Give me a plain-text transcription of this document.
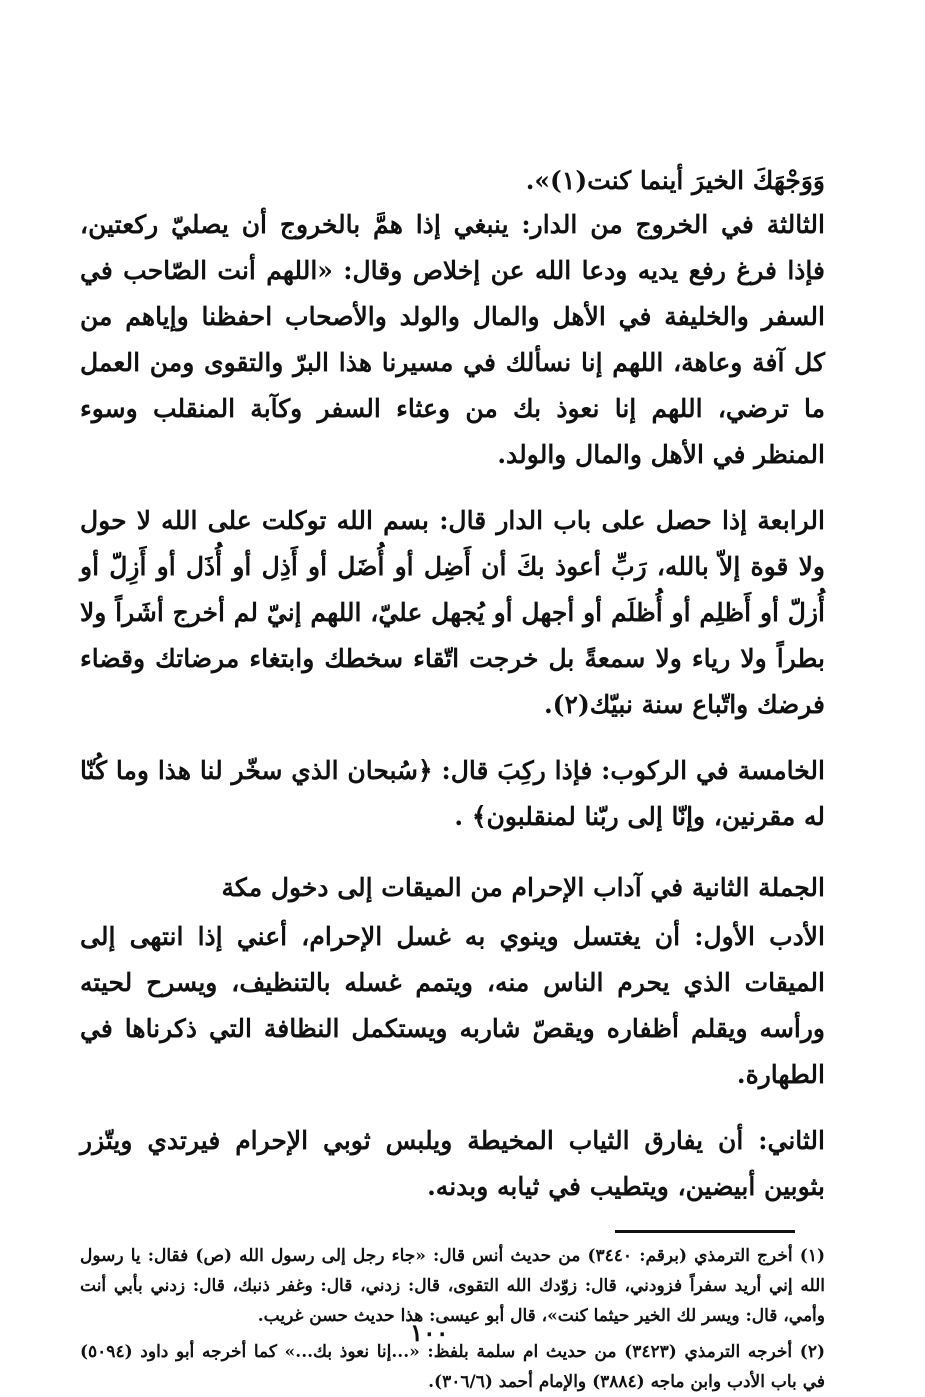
وَوَجْهَكَ الخيرَ أينما كنت(١)».

الثالثة في الخروج من الدار: ينبغي إذا همَّ بالخروج أن يصليّ ركعتين، فإذا فرغ رفع يديه ودعا الله عن إخلاص وقال: «اللهم أنت الصّاحب في السفر والخليفة في الأهل والمال والولد والأصحاب احفظنا وإياهم من كل آفة وعاهة، اللهم إنا نسألك في مسيرنا هذا البرّ والتقوى ومن العمل ما ترضي، اللهم إنا نعوذ بك من وعثاء السفر وكآبة المنقلب وسوء المنظر في الأهل والمال والولد.

الرابعة إذا حصل على باب الدار قال: بسم الله توكلت على الله لا حول ولا قوة إلاّ بالله، رَبِّ أعوذ بكَ أن أَضِل أو أُضَل أو أَذِل أو أُذَل أو أَزِلّ أو أُزلّ أو أَظلِم أو أُظلَم أو أجهل أو يُجهل عليّ، اللهم إنيّ لم أخرج أشَراً ولا بطراً ولا رياء ولا سمعةً بل خرجت اتّقاء سخطك وابتغاء مرضاتك وقضاء فرضك واتّباع سنة نبيّك(٢).

الخامسة في الركوب: فإذا ركِبَ قال: ﴿سُبحان الذي سخّر لنا هذا وما كُنّا له مقرنين، وإنّا إلى ربّنا لمنقلبون﴾ .

الجملة الثانية في آداب الإحرام من الميقات إلى دخول مكة

الأدب الأول: أن يغتسل وينوي به غسل الإحرام، أعني إذا انتهى إلى الميقات الذي يحرم الناس منه، ويتمم غسله بالتنظيف، ويسرح لحيته ورأسه ويقلم أظفاره ويقصّ شاربه ويستكمل النظافة التي ذكرناها في الطهارة.

الثاني: أن يفارق الثياب المخيطة ويلبس ثوبي الإحرام فيرتدي ويتّزر بثوبين أبيضين، ويتطيب في ثيابه وبدنه.

(١) أخرج الترمذي (برقم: ٣٤٤٠) من حديث أنس قال: «جاء رجل إلى رسول الله (ص) فقال: يا رسول الله إني أريد سفراً فزودني، قال: زوّدك الله التقوى، قال: زدني، قال: وغفر ذنبك، قال: زدني بأبي أنت وأمي، قال: ويسر لك الخير حيثما كنت»، قال أبو عيسى: هذا حديث حسن غريب.

(٢) أخرجه الترمذي (٣٤٢٣) من حديث ام سلمة بلفظ: «...إنا نعوذ بك...» كما أخرجه أبو داود (٥٠٩٤) في باب الأدب وابن ماجه (٣٨٨٤) والإمام أحمد (٣٠٦/٦).

١٠٠
